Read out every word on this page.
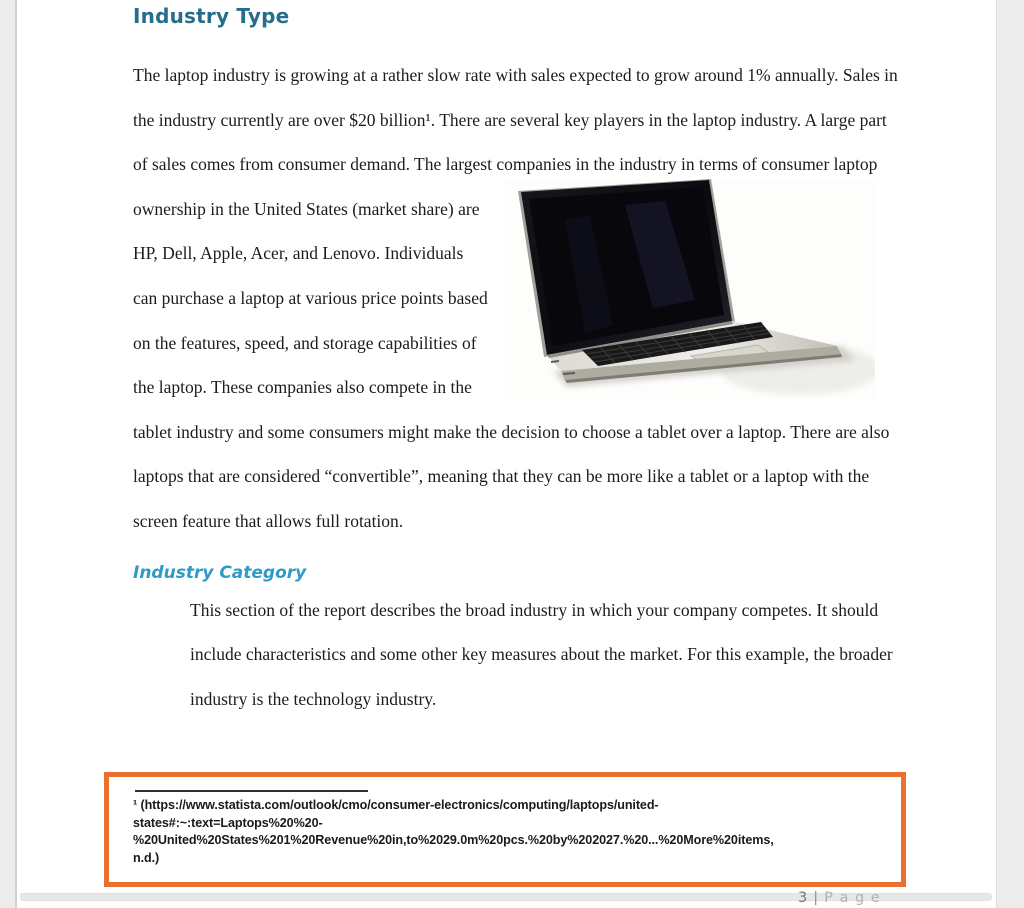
Industry Type

The laptop industry is growing at a rather slow rate with sales expected to grow around 1% annually. Sales in the industry currently are over $20 billion¹. There are several key players in the laptop industry. A large part of sales comes from consumer demand. The largest companies
in the industry in terms of consumer laptop ownership in the United States (market share) are HP, Dell, Apple, Acer, and Lenovo. Individuals can purchase a laptop at various price points based on the features, speed, and storage capabilities of the laptop. These companies also compete in the tablet industry and some consumers might make the decision to choose a tablet over a laptop. There are also laptops that are considered “convertible”, meaning that they can be more like a tablet or a laptop with the screen feature that allows full rotation.

Industry Category

This section of the report describes the broad industry in which your company competes. It should include characteristics and some other key measures about the market. For this example, the broader industry is the technology industry.

¹ (https://www.statista.com/outlook/cmo/consumer-electronics/computing/laptops/united-
states#:~:text=Laptops%20%20-
%20United%20States%201%20Revenue%20in,to%2029.0m%20pcs.%20by%202027.%20...%20More%20items,
n.d.)
3 | P a g e
